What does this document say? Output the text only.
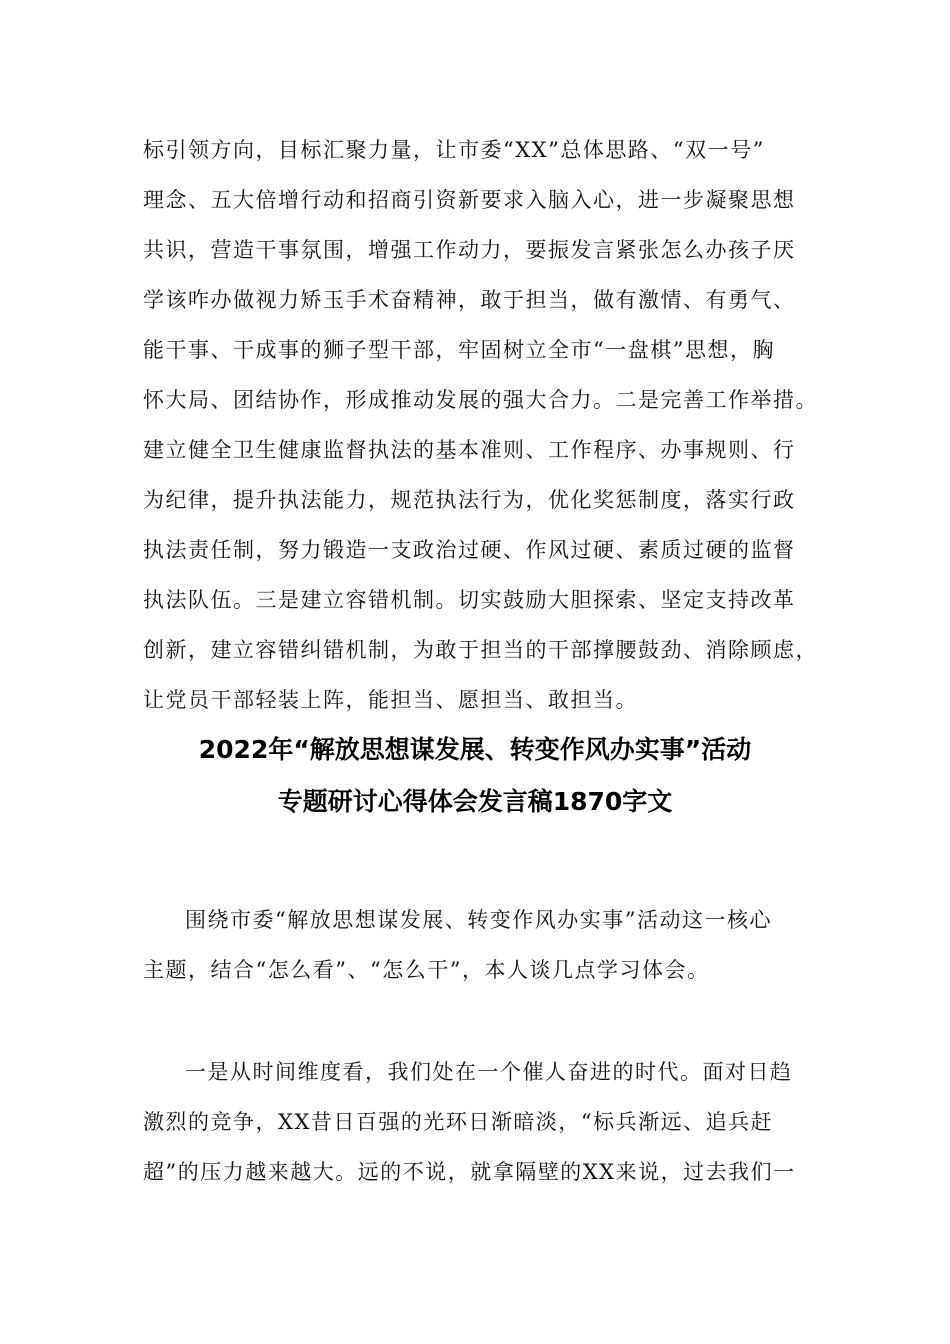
标引领方向，目标汇聚力量，让市委“XX”总体思路、“双一号”
理念、五大倍增行动和招商引资新要求入脑入心，进一步凝聚思想
共识，营造干事氛围，增强工作动力，要振发言紧张怎么办孩子厌
学该咋办做视力矫玉手术奋精神，敢于担当，做有激情、有勇气、
能干事、干成事的狮子型干部，牢固树立全市“一盘棋”思想，胸
怀大局、团结协作，形成推动发展的强大合力。二是完善工作举措。
建立健全卫生健康监督执法的基本准则、工作程序、办事规则、行
为纪律，提升执法能力，规范执法行为，优化奖惩制度，落实行政
执法责任制，努力锻造一支政治过硬、作风过硬、素质过硬的监督
执法队伍。三是建立容错机制。切实鼓励大胆探索、坚定支持改革
创新，建立容错纠错机制，为敢于担当的干部撑腰鼓劲、消除顾虑，
让党员干部轻装上阵，能担当、愿担当、敢担当。
2022年“解放思想谋发展、转变作风办实事”活动
专题研讨心得体会发言稿1870字文
围绕市委“解放思想谋发展、转变作风办实事”活动这一核心
主题，结合“怎么看”、“怎么干”，本人谈几点学习体会。
一是从时间维度看，我们处在一个催人奋进的时代。面对日趋
激烈的竞争，XX昔日百强的光环日渐暗淡，“标兵渐远、追兵赶
超”的压力越来越大。远的不说，就拿隔壁的XX来说，过去我们一
